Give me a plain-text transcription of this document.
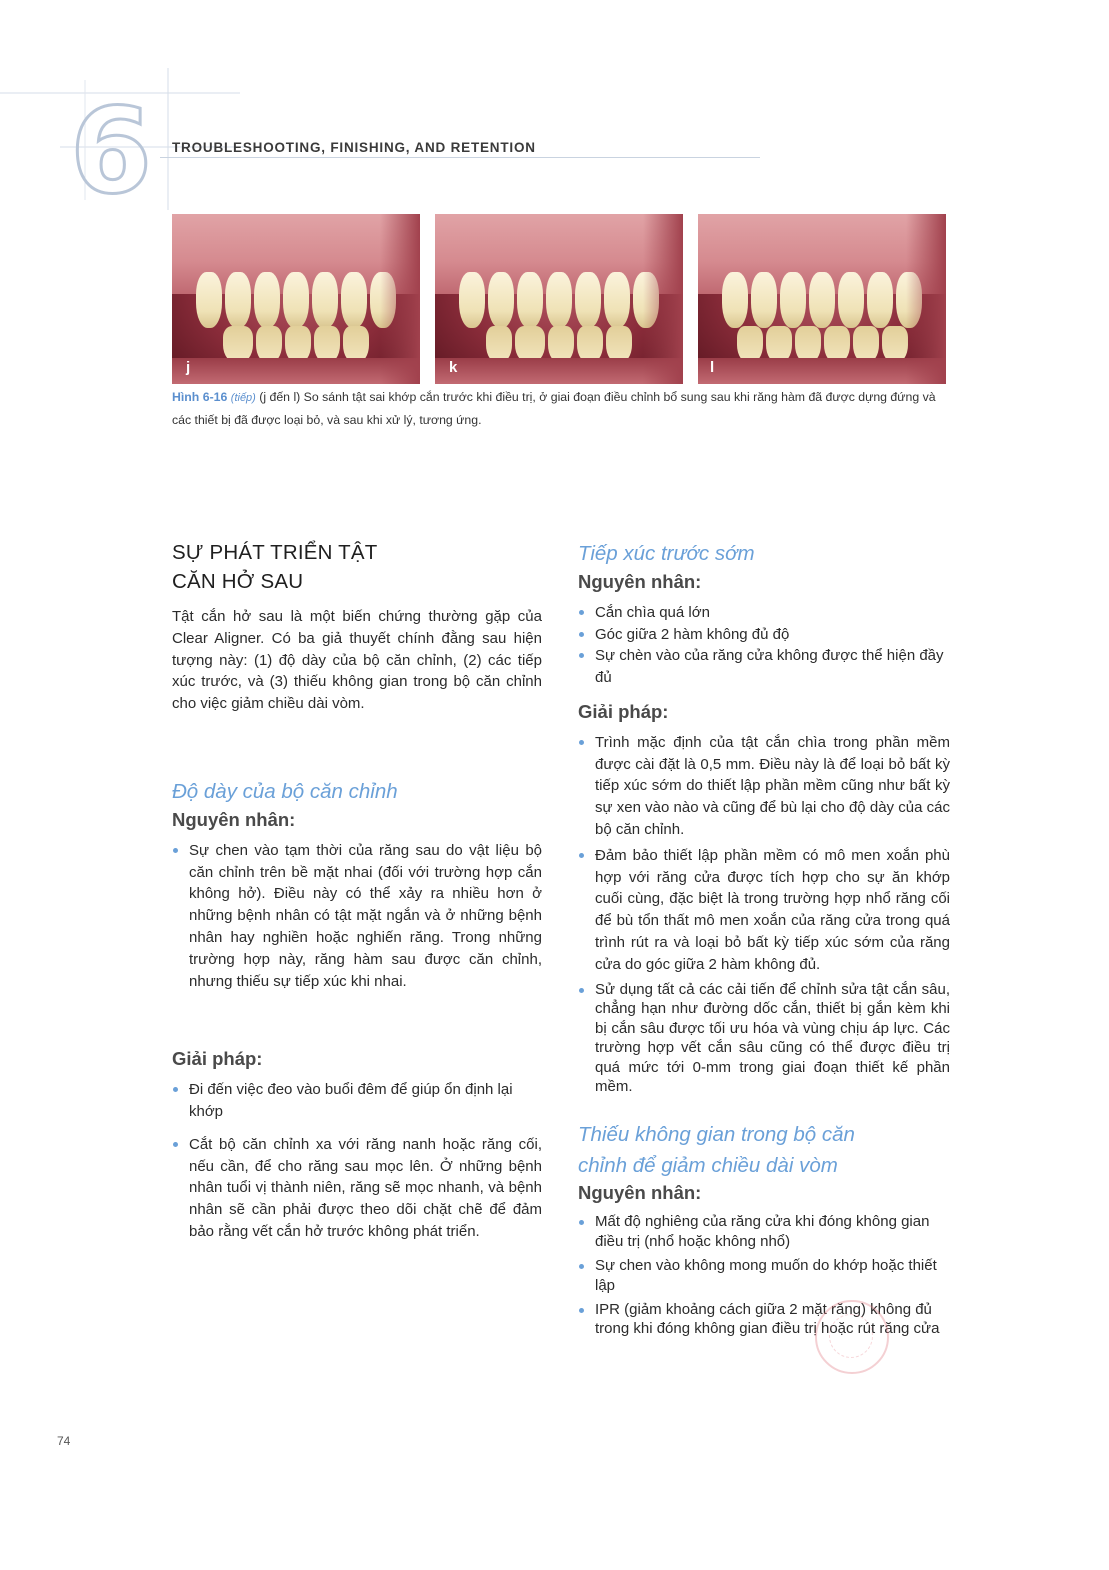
6 TROUBLESHOOTING, FINISHING, AND RETENTION
j	k	l
Hình 6-16 (tiếp) (j đến l) So sánh tật sai khớp cắn trước khi điều trị, ở giai đoạn điều chỉnh bổ sung sau khi răng hàm đã được dựng đứng và các thiết bị đã được loại bỏ, và sau khi xử lý, tương ứng.
SỰ PHÁT TRIỂN TẬT
CĂN HỞ SAU

Tật cắn hở sau là một biến chứng thường gặp của Clear Aligner. Có ba giả thuyết chính đằng sau hiện tượng này: (1) độ dày của bộ căn chỉnh, (2) các tiếp xúc trước, và (3) thiếu không gian trong bộ căn chỉnh cho việc giảm chiều dài vòm.

Độ dày của bộ căn chỉnh
Nguyên nhân:
Sự chen vào tạm thời của răng sau do vật liệu bộ căn chỉnh trên bề mặt nhai (đối với trường hợp cắn không hở). Điều này có thể xảy ra nhiều hơn ở những bệnh nhân có tật mặt ngắn và ở những bệnh nhân hay nghiền hoặc nghiến răng. Trong những trường hợp này, răng hàm sau được căn chỉnh, nhưng thiếu sự tiếp xúc khi nhai.
Giải pháp:
Đi đến việc đeo vào buổi đêm để giúp ổn định lại khớp
Cắt bộ căn chỉnh xa với răng nanh hoặc răng cối, nếu cần, để cho răng sau mọc lên. Ở những bệnh nhân tuổi vị thành niên, răng sẽ mọc nhanh, và bệnh nhân sẽ cần phải được theo dõi chặt chẽ để đảm bảo rằng vết cắn hở trước không phát triển.
Tiếp xúc trước sớm
Nguyên nhân:
Cắn chìa quá lớn
Góc giữa 2 hàm không đủ độ
Sự chèn vào của răng cửa không được thể hiện đầy đủ
Giải pháp:
Trình mặc định của tật cắn chìa trong phần mềm được cài đặt là 0,5 mm. Điều này là để loại bỏ bất kỳ tiếp xúc sớm do thiết lập phần mềm cũng như bất kỳ sự xen vào nào và cũng để bù lại cho độ dày của các bộ căn chỉnh.
Đảm bảo thiết lập phần mềm có mô men xoắn phù hợp với răng cửa được tích hợp cho sự ăn khớp cuối cùng, đặc biệt là trong trường hợp nhổ răng cối để bù tổn thất mô men xoắn của răng cửa trong quá trình rút ra và loại bỏ bất kỳ tiếp xúc sớm của răng cửa do góc giữa 2 hàm không đủ.
Sử dụng tất cả các cải tiến để chỉnh sửa tật cắn sâu, chẳng hạn như đường dốc cắn, thiết bị gắn kèm khi bị cắn sâu được tối ưu hóa và vùng chịu áp lực. Các trường hợp vết cắn sâu cũng có thể được điều trị quá mức tới 0-mm trong giai đoạn thiết kế phần mềm.
Thiếu không gian trong bộ căn
chỉnh để giảm chiều dài vòm
Nguyên nhân:
Mất độ nghiêng của răng cửa khi đóng không gian điều trị (nhổ hoặc không nhổ)
Sự chen vào không mong muốn do khớp hoặc thiết lập
IPR (giảm khoảng cách giữa 2 mặt răng) không đủ trong khi đóng không gian điều trị hoặc rút răng cửa
74
